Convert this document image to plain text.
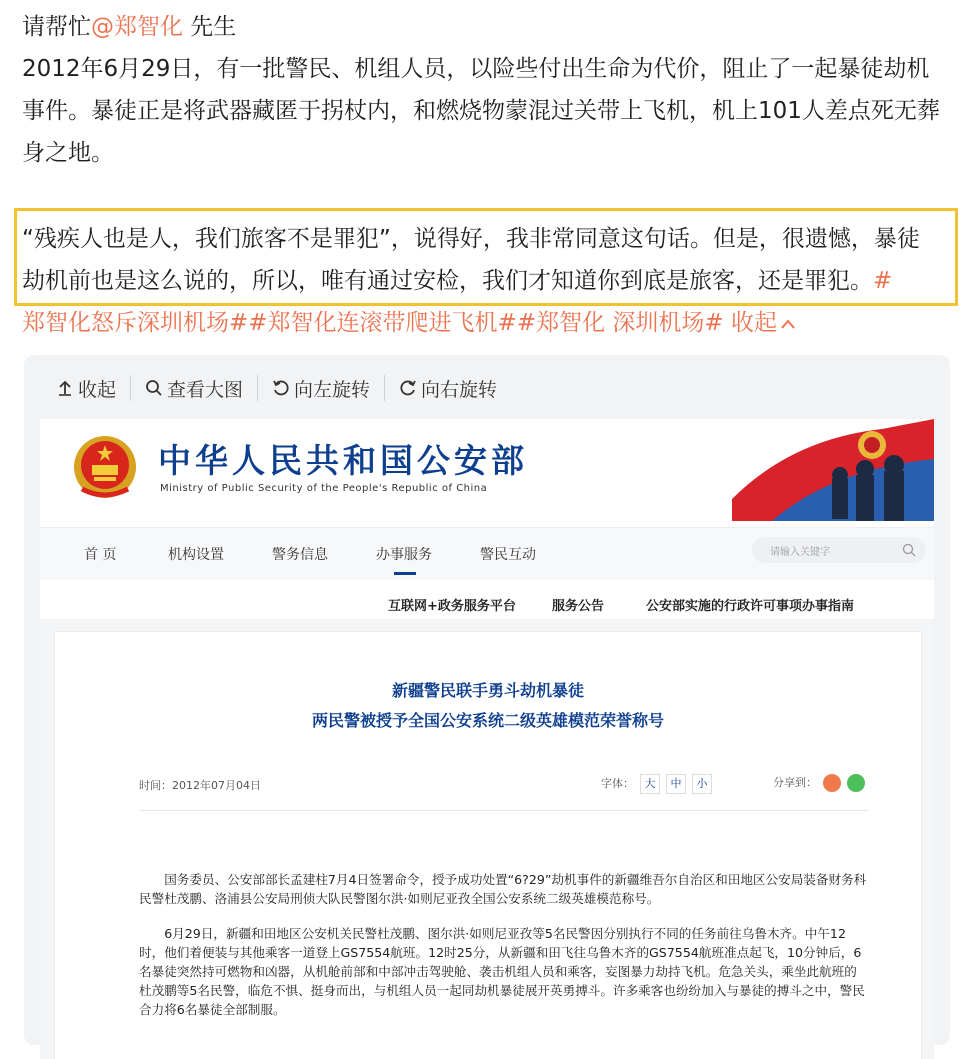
请帮忙@郑智化 先生

2012年6月29日，有一批警民、机组人员，以险些付出生命为代价，阻止了一起暴徒劫机事件。暴徒正是将武器藏匿于拐杖内，和燃烧物蒙混过关带上飞机，机上101人差点死无葬身之地。

“残疾人也是人，我们旅客不是罪犯”，说得好，我非常同意这句话。但是，很遗憾，暴徒劫机前也是这么说的，所以，唯有通过安检，我们才知道你到底是旅客，还是罪犯。#
郑智化怒斥深圳机场##郑智化连滚带爬进飞机##郑智化 深圳机场# 收起
收起	查看大图	向左旋转	向右旋转
中华人民共和国公安部
Ministry of Public Security of the People's Republic of China
首 页	机构设置	警务信息	办事服务	警民互动	请输入关键字
互联网+政务服务平台	服务公告	公安部实施的行政许可事项办事指南
新疆警民联手勇斗劫机暴徒
两民警被授予全国公安系统二级英雄模范荣誉称号
时间：2012年07月04日	字体： 大 中 小	分享到：

国务委员、公安部部长孟建柱7月4日签署命令，授予成功处置“6?29”劫机事件的新疆维吾尔自治区和田地区公安局装备财务科民警杜茂鹏、洛浦县公安局刑侦大队民警图尔洪·如则尼亚孜全国公安系统二级英雄模范称号。

6月29日，新疆和田地区公安机关民警杜茂鹏、图尔洪·如则尼亚孜等5名民警因分别执行不同的任务前往乌鲁木齐。中午12时，他们着便装与其他乘客一道登上GS7554航班。12时25分，从新疆和田飞往乌鲁木齐的GS7554航班准点起飞，10分钟后，6名暴徒突然持可燃物和凶器，从机舱前部和中部冲击驾驶舱、袭击机组人员和乘客，妄图暴力劫持飞机。危急关头，乘坐此航班的杜茂鹏等5名民警，临危不惧、挺身而出，与机组人员一起同劫机暴徒展开英勇搏斗。许多乘客也纷纷加入与暴徒的搏斗之中，警民合力将6名暴徒全部制服。
